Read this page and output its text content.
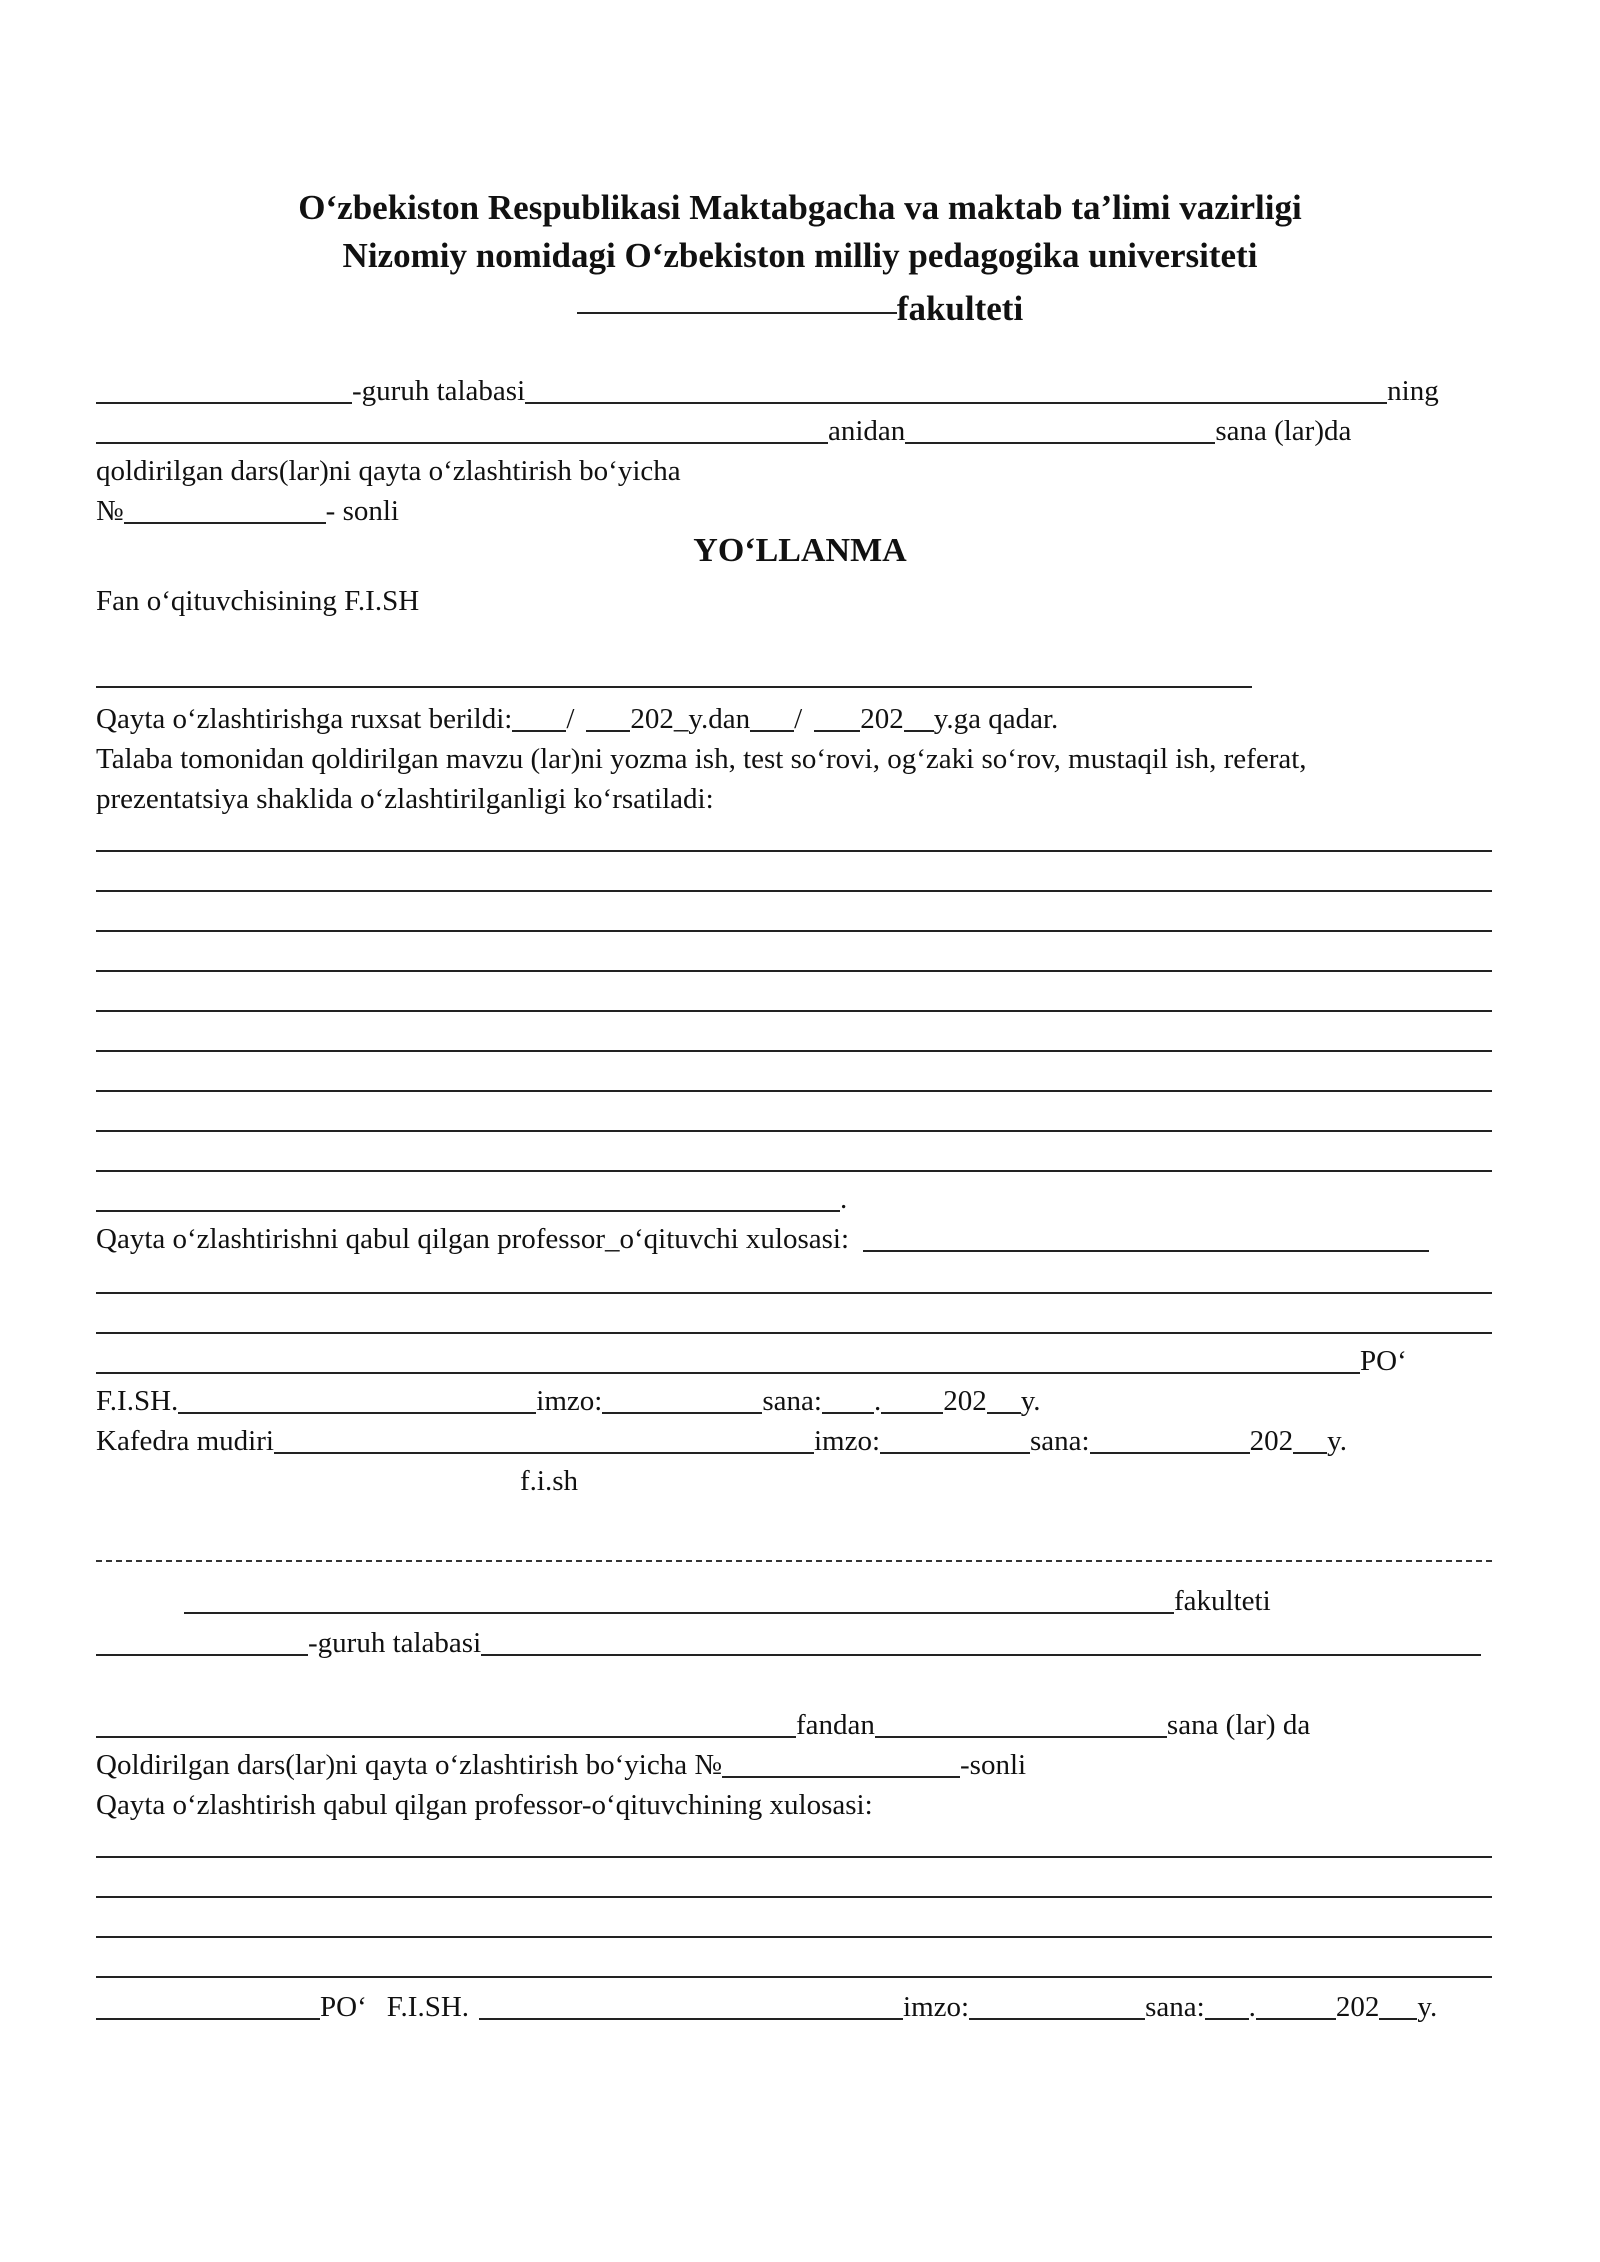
O‘zbekiston Respublikasi Maktabgacha va maktab ta’limi vazirligi
Nizomiy nomidagi O‘zbekiston milliy pedagogika universiteti
fakulteti
-guruh talabasi	ning
anidan	sana (lar)da
qoldirilgan dars(lar)ni qayta o‘zlashtirish bo‘yicha
№	- sonli
YO‘LLANMA
Fan o‘qituvchisining F.I.SH
Qayta o‘zlashtirishga ruxsat berildi: / 202_y.dan / 202 y.ga qadar.
Talaba tomonidan qoldirilgan mavzu (lar)ni yozma ish, test so‘rovi, og‘zaki so‘rov, mustaqil ish, referat,
prezentatsiya shaklida o‘zlashtirilganligi ko‘rsatiladi:
.
Qayta o‘zlashtirishni qabul qilgan professor_o‘qituvchi xulosasi:
PO‘
F.I.SH.	imzo:	sana: . 202 y.
Kafedra mudiri	imzo:	sana:	202 y.
f.i.sh
fakulteti
-guruh talabasi
fandan	sana (lar) da
Qoldirilgan dars(lar)ni qayta o‘zlashtirish bo‘yicha №	-sonli
Qayta o‘zlashtirish qabul qilgan professor-o‘qituvchining xulosasi:
PO‘ F.I.SH.	imzo:	sana: .	202 y.
